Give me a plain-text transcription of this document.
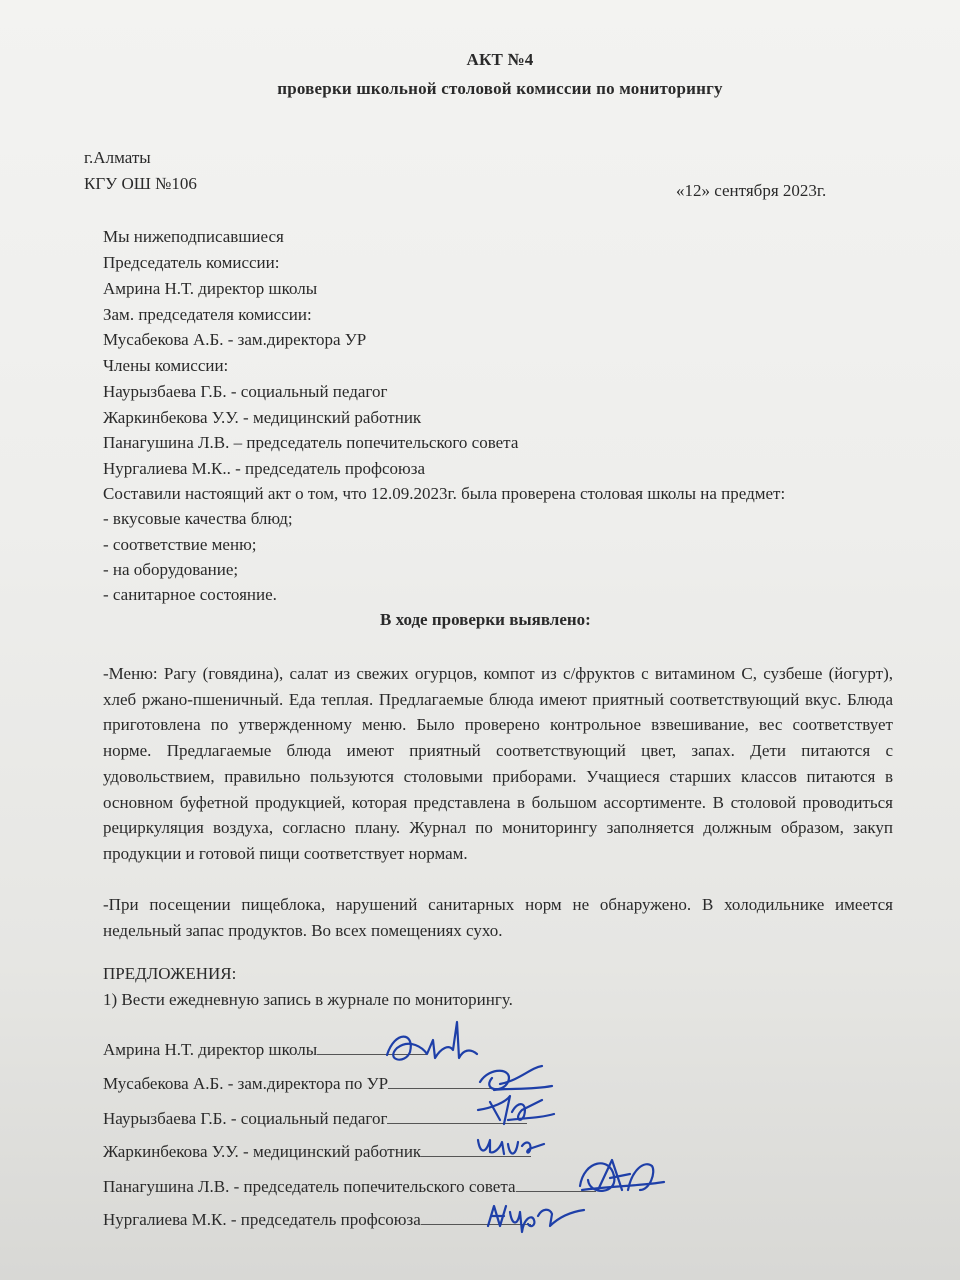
АКТ №4
проверки школьной столовой комиссии по мониторингу
г.Алматы
КГУ ОШ №106	«12» сентября 2023г.
Мы нижеподписавшиеся
Председатель комиссии:
Амрина Н.Т. директор школы
Зам. председателя комиссии:
Мусабекова А.Б. - зам.директора УР
Члены комиссии:
Наурызбаева Г.Б. - социальный педагог
Жаркинбекова У.У. - медицинский работник
Панагушина Л.В. – председатель попечительского совета
Нургалиева М.К.. - председатель профсоюза
Составили настоящий акт о том, что 12.09.2023г. была проверена столовая школы на предмет:
- вкусовые качества блюд;
- соответствие меню;
- на оборудование;
- санитарное состояние.
В ходе проверки выявлено:
-Меню: Рагу (говядина), салат из свежих огурцов, компот из с/фруктов с витамином С, сузбеше (йогурт), хлеб ржано-пшеничный. Еда теплая. Предлагаемые блюда имеют приятный соответствующий вкус. Блюда приготовлена по утвержденному меню. Было проверено контрольное взвешивание, вес соответствует норме. Предлагаемые блюда имеют приятный соответствующий цвет, запах. Дети питаются с удовольствием, правильно пользуются столовыми приборами. Учащиеся старших классов питаются в основном буфетной продукцией, которая представлена в большом ассортименте. В столовой проводиться рециркуляция воздуха, согласно плану. Журнал по мониторингу заполняется должным образом, закуп продукции и готовой пищи соответствует нормам.
-При посещении пищеблока, нарушений санитарных норм не обнаружено. В холодильнике имеется недельный запас продуктов. Во всех помещениях сухо.
ПРЕДЛОЖЕНИЯ:
1) Вести ежедневную запись в журнале по мониторингу.
Амрина Н.Т. директор школы
Мусабекова А.Б. - зам.директора по УР
Наурызбаева Г.Б. - социальный педагог
Жаркинбекова У.У. - медицинский работник
Панагушина Л.В. - председатель попечительского совета
Нургалиева М.К. - председатель профсоюза
